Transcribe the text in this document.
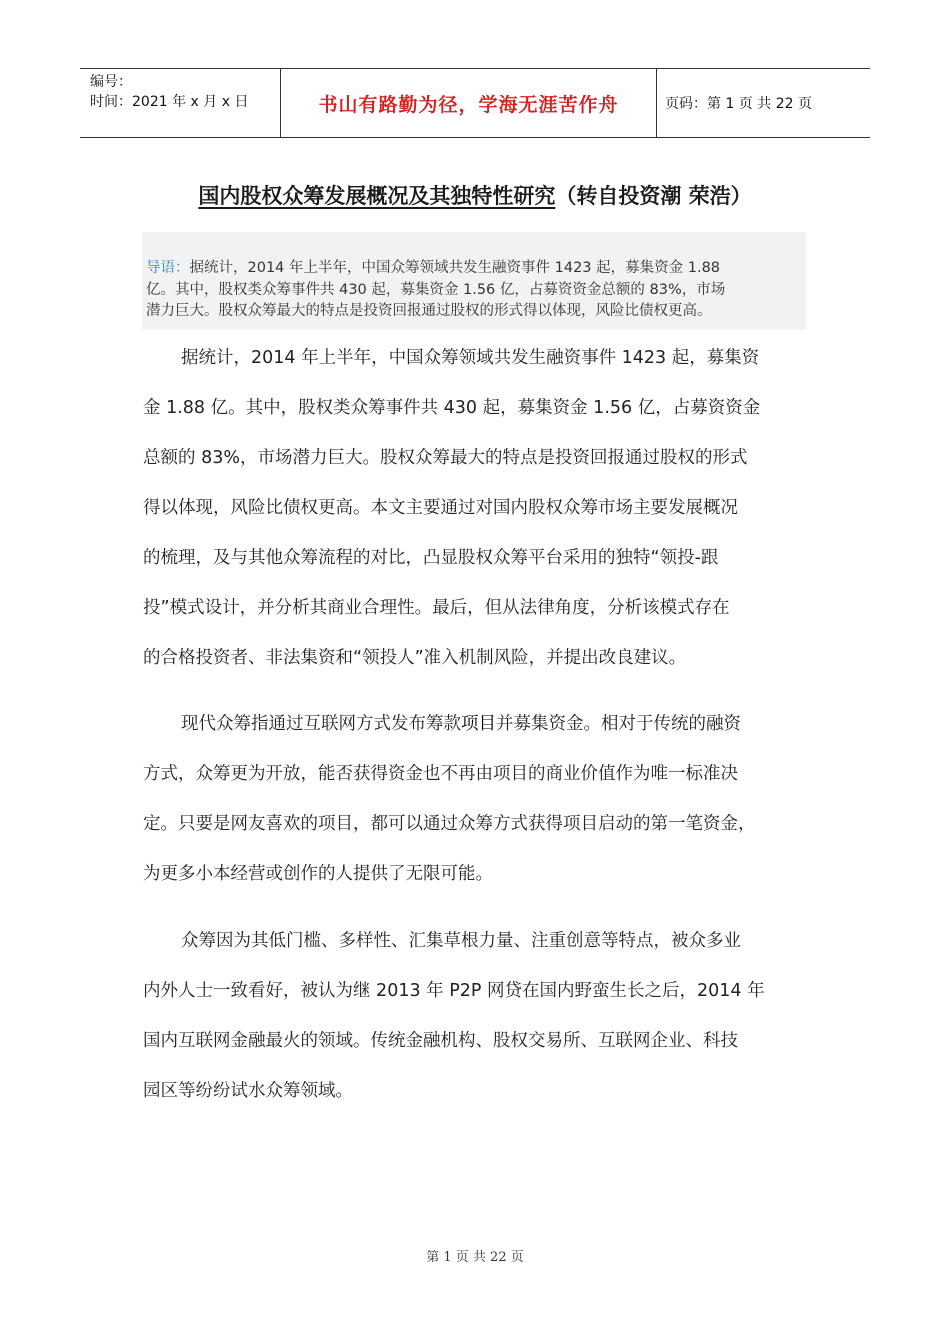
编号：
时间：2021 年 x 月 x 日	书山有路勤为径，学海无涯苦作舟	页码：第 1 页 共 22 页
国内股权众筹发展概况及其独特性研究（转自投资潮 荣浩）
导语：据统计，2014 年上半年，中国众筹领域共发生融资事件 1423 起，募集资金 1.88
亿。其中，股权类众筹事件共 430 起，募集资金 1.56 亿，占募资资金总额的 83%，市场
潜力巨大。股权众筹最大的特点是投资回报通过股权的形式得以体现，风险比债权更高。

据统计，2014 年上半年，中国众筹领域共发生融资事件 1423 起，募集资

金 1.88 亿。其中，股权类众筹事件共 430 起，募集资金 1.56 亿，占募资资金

总额的 83%，市场潜力巨大。股权众筹最大的特点是投资回报通过股权的形式

得以体现，风险比债权更高。本文主要通过对国内股权众筹市场主要发展概况

的梳理，及与其他众筹流程的对比，凸显股权众筹平台采用的独特“领投-跟

投”模式设计，并分析其商业合理性。最后，但从法律角度，分析该模式存在

的合格投资者、非法集资和“领投人”准入机制风险，并提出改良建议。

现代众筹指通过互联网方式发布筹款项目并募集资金。相对于传统的融资

方式，众筹更为开放，能否获得资金也不再由项目的商业价值作为唯一标准决

定。只要是网友喜欢的项目，都可以通过众筹方式获得项目启动的第一笔资金，

为更多小本经营或创作的人提供了无限可能。

众筹因为其低门槛、多样性、汇集草根力量、注重创意等特点，被众多业

内外人士一致看好，被认为继 2013 年 P2P 网贷在国内野蛮生长之后，2014 年

国内互联网金融最火的领域。传统金融机构、股权交易所、互联网企业、科技

园区等纷纷试水众筹领域。

第 1 页 共 22 页
